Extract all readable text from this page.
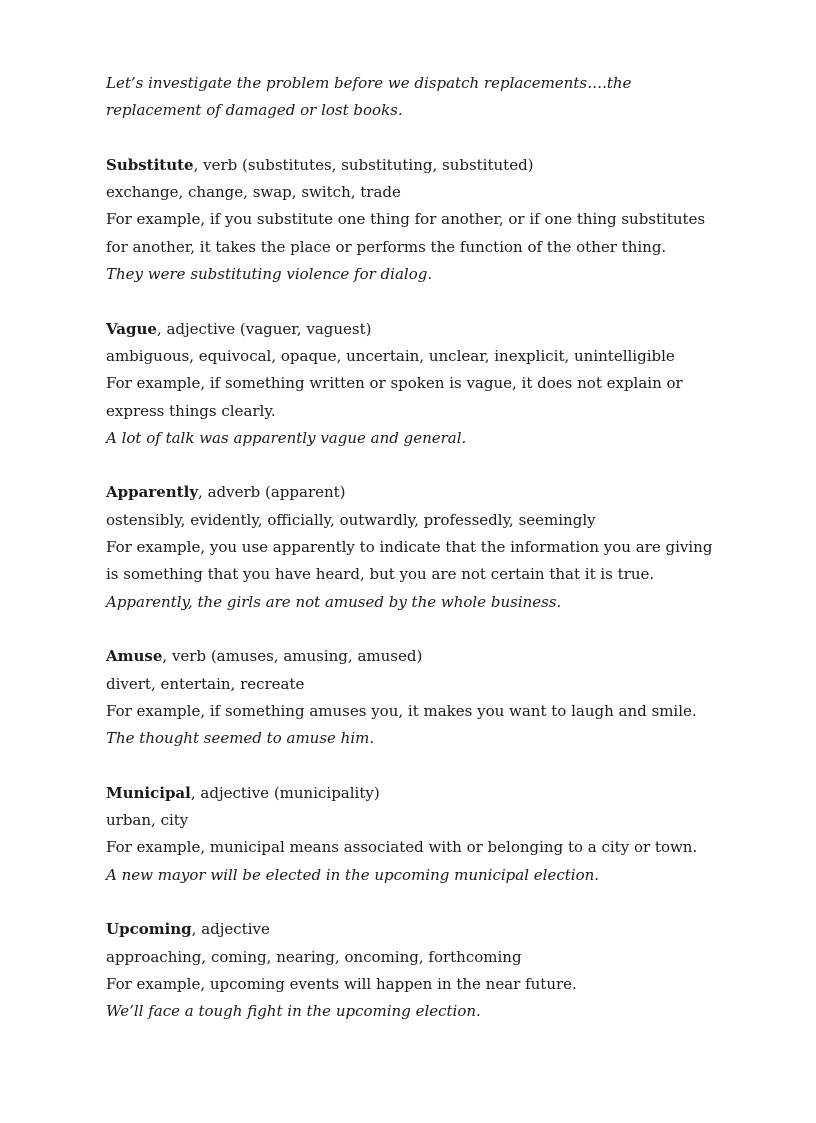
Let’s investigate the problem before we dispatch replacements….the replacement of damaged or lost books.

Substitute, verb (substitutes, substituting, substituted)

exchange, change, swap, switch, trade

For example, if you substitute one thing for another, or if one thing substitutes for another, it takes the place or performs the function of the other thing.

They were substituting violence for dialog.

Vague, adjective (vaguer, vaguest)

ambiguous, equivocal, opaque, uncertain, unclear, inexplicit, unintelligible

For example, if something written or spoken is vague, it does not explain or express things clearly.

A lot of talk was apparently vague and general.

Apparently, adverb (apparent)

ostensibly, evidently, officially, outwardly, professedly, seemingly

For example, you use apparently to indicate that the information you are giving is something that you have heard, but you are not certain that it is true.

Apparently, the girls are not amused by the whole business.

Amuse, verb (amuses, amusing, amused)

divert, entertain, recreate

For example, if something amuses you, it makes you want to laugh and smile.

The thought seemed to amuse him.

Municipal, adjective (municipality)

urban, city

For example, municipal means associated with or belonging to a city or town.

A new mayor will be elected in the upcoming municipal election.

Upcoming, adjective

approaching, coming, nearing, oncoming, forthcoming

For example, upcoming events will happen in the near future.

We’ll face a tough fight in the upcoming election.
